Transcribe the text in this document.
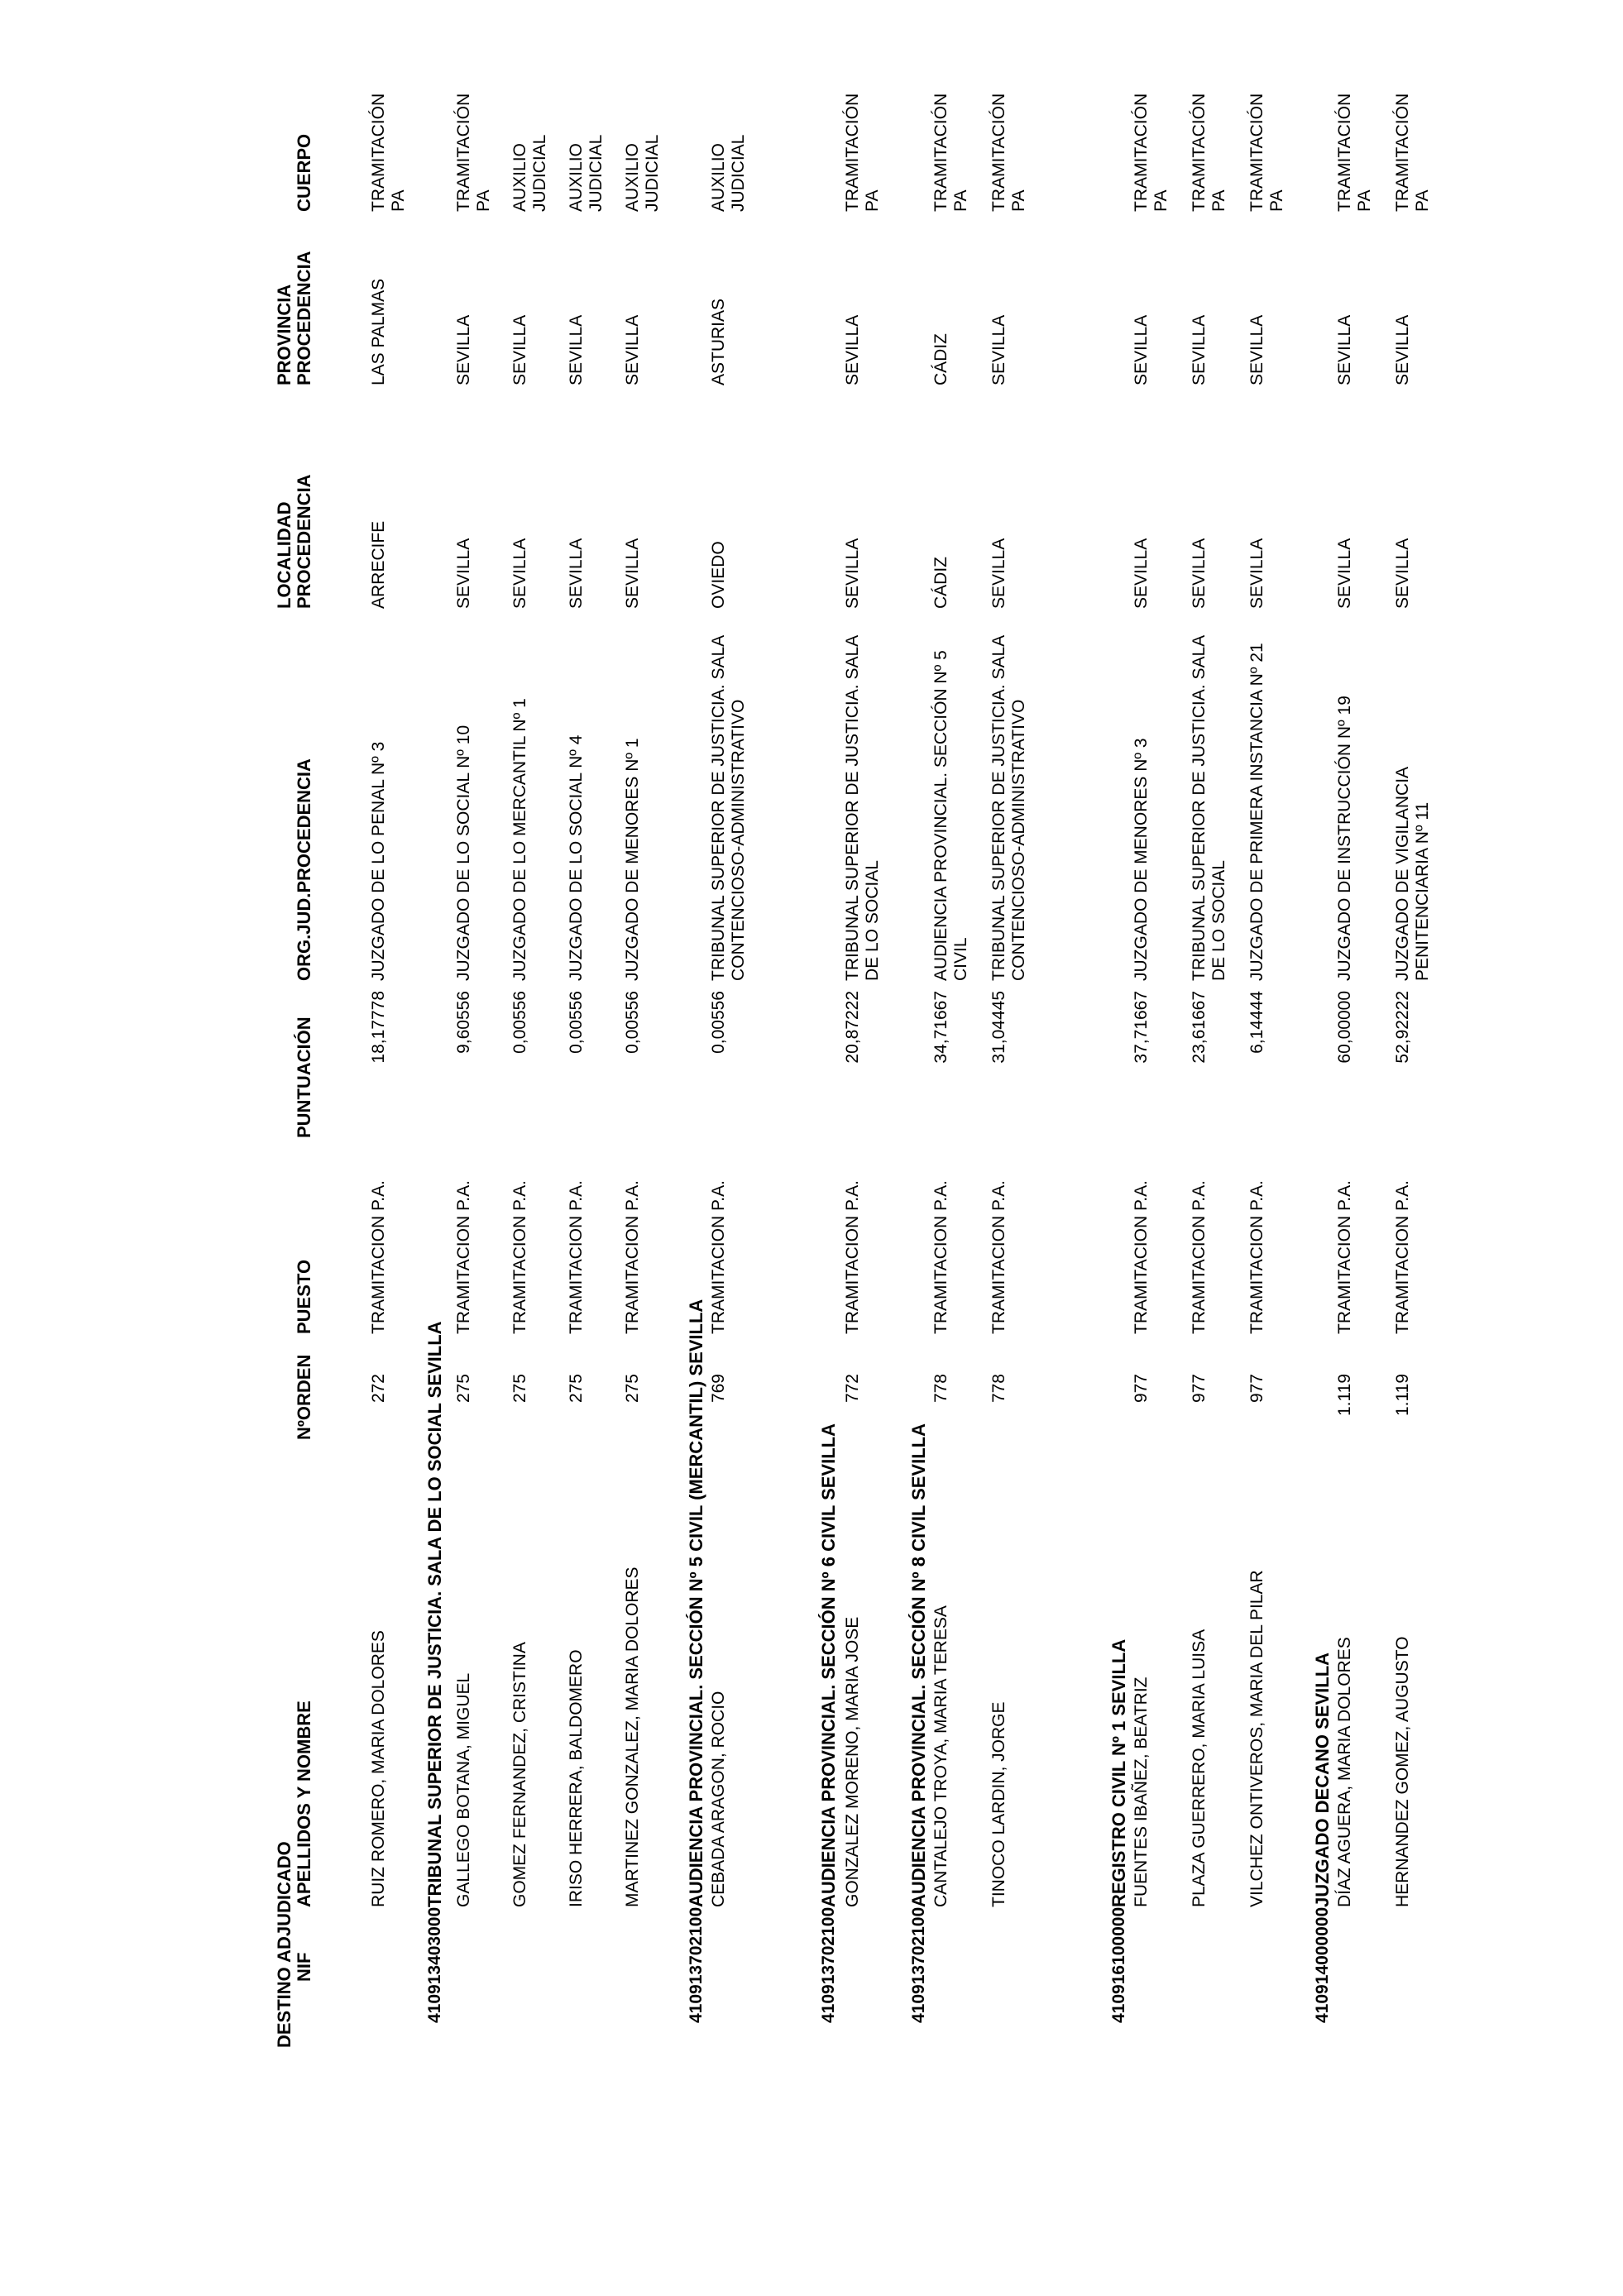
DESTINO ADJUDICADO NIF
APELLIDOS Y NOMBRE
NºORDEN
PUESTO
PUNTUACIÓN
ORG.JUD.PROCEDENCIA
LOCALIDAD PROCEDENCIA
PROVINCIA PROCEDENCIA
CUERPO
RUIZ ROMERO, MARIA DOLORES
272
TRAMITACION P.A.
18,17778
JUZGADO DE LO PENAL Nº 3
ARRECIFE
LAS PALMAS
TRAMITACIÓN PA
410913403000
TRIBUNAL SUPERIOR DE JUSTICIA. SALA DE LO SOCIAL SEVILLA GALLEGO BOTANA, MIGUEL
275
TRAMITACION P.A.
9,60556
JUZGADO DE LO SOCIAL Nº 10
SEVILLA
SEVILLA
TRAMITACIÓN PA
GOMEZ FERNANDEZ, CRISTINA
275
TRAMITACION P.A.
0,00556
JUZGADO DE LO MERCANTIL Nº 1
SEVILLA
SEVILLA
AUXILIO JUDICIAL
IRISO HERRERA, BALDOMERO
275
TRAMITACION P.A.
0,00556
JUZGADO DE LO SOCIAL Nº 4
SEVILLA
SEVILLA
AUXILIO JUDICIAL
MARTINEZ GONZALEZ, MARIA DOLORES
275
TRAMITACION P.A.
0,00556
JUZGADO DE MENORES Nº 1
SEVILLA
SEVILLA
AUXILIO JUDICIAL
410913702100
AUDIENCIA PROVINCIAL. SECCIÓN Nº 5 CIVIL (MERCANTIL) SEVILLA CEBADA ARAGON, ROCIO
769
TRAMITACION P.A.
0,00556
TRIBUNAL SUPERIOR DE JUSTICIA. SALA CONTENCIOSO-ADMINISTRATIVO
OVIEDO
ASTURIAS
AUXILIO JUDICIAL
410913702100
AUDIENCIA PROVINCIAL. SECCIÓN Nº 6 CIVIL SEVILLA GONZALEZ MORENO, MARIA JOSE
772
TRAMITACION P.A.
20,87222
TRIBUNAL SUPERIOR DE JUSTICIA. SALA DE LO SOCIAL
SEVILLA
SEVILLA
TRAMITACIÓN PA
410913702100
AUDIENCIA PROVINCIAL. SECCIÓN Nº 8 CIVIL SEVILLA CANTALEJO TROYA, MARIA TERESA
778
TRAMITACION P.A.
34,71667
AUDIENCIA PROVINCIAL. SECCIÓN Nº 5 CIVIL
CÁDIZ
CÁDIZ
TRAMITACIÓN PA
TINOCO LARDIN, JORGE
778
TRAMITACION P.A.
31,04445
TRIBUNAL SUPERIOR DE JUSTICIA. SALA CONTENCIOSO-ADMINISTRATIVO
SEVILLA
SEVILLA
TRAMITACIÓN PA
410916100000
REGISTRO CIVIL Nº 1 SEVILLA FUENTES IBAÑEZ, BEATRIZ
977
TRAMITACION P.A.
37,71667
JUZGADO DE MENORES Nº 3
SEVILLA
SEVILLA
TRAMITACIÓN PA
PLAZA GUERRERO, MARIA LUISA
977
TRAMITACION P.A.
23,61667
TRIBUNAL SUPERIOR DE JUSTICIA. SALA DE LO SOCIAL
SEVILLA
SEVILLA
TRAMITACIÓN PA
VILCHEZ ONTIVEROS, MARIA DEL PILAR
977
TRAMITACION P.A.
6,14444
JUZGADO DE PRIMERA INSTANCIA Nº 21
SEVILLA
SEVILLA
TRAMITACIÓN PA
410914000000
JUZGADO DECANO SEVILLA DÍAZ AGUERA, MARIA DOLORES
1.119
TRAMITACION P.A.
60,00000
JUZGADO DE INSTRUCCIÓN Nº 19
SEVILLA
SEVILLA
TRAMITACIÓN PA
HERNANDEZ GOMEZ, AUGUSTO
1.119
TRAMITACION P.A.
52,92222
JUZGADO DE VIGILANCIA PENITENCIARIA Nº 11
SEVILLA
SEVILLA
TRAMITACIÓN PA
